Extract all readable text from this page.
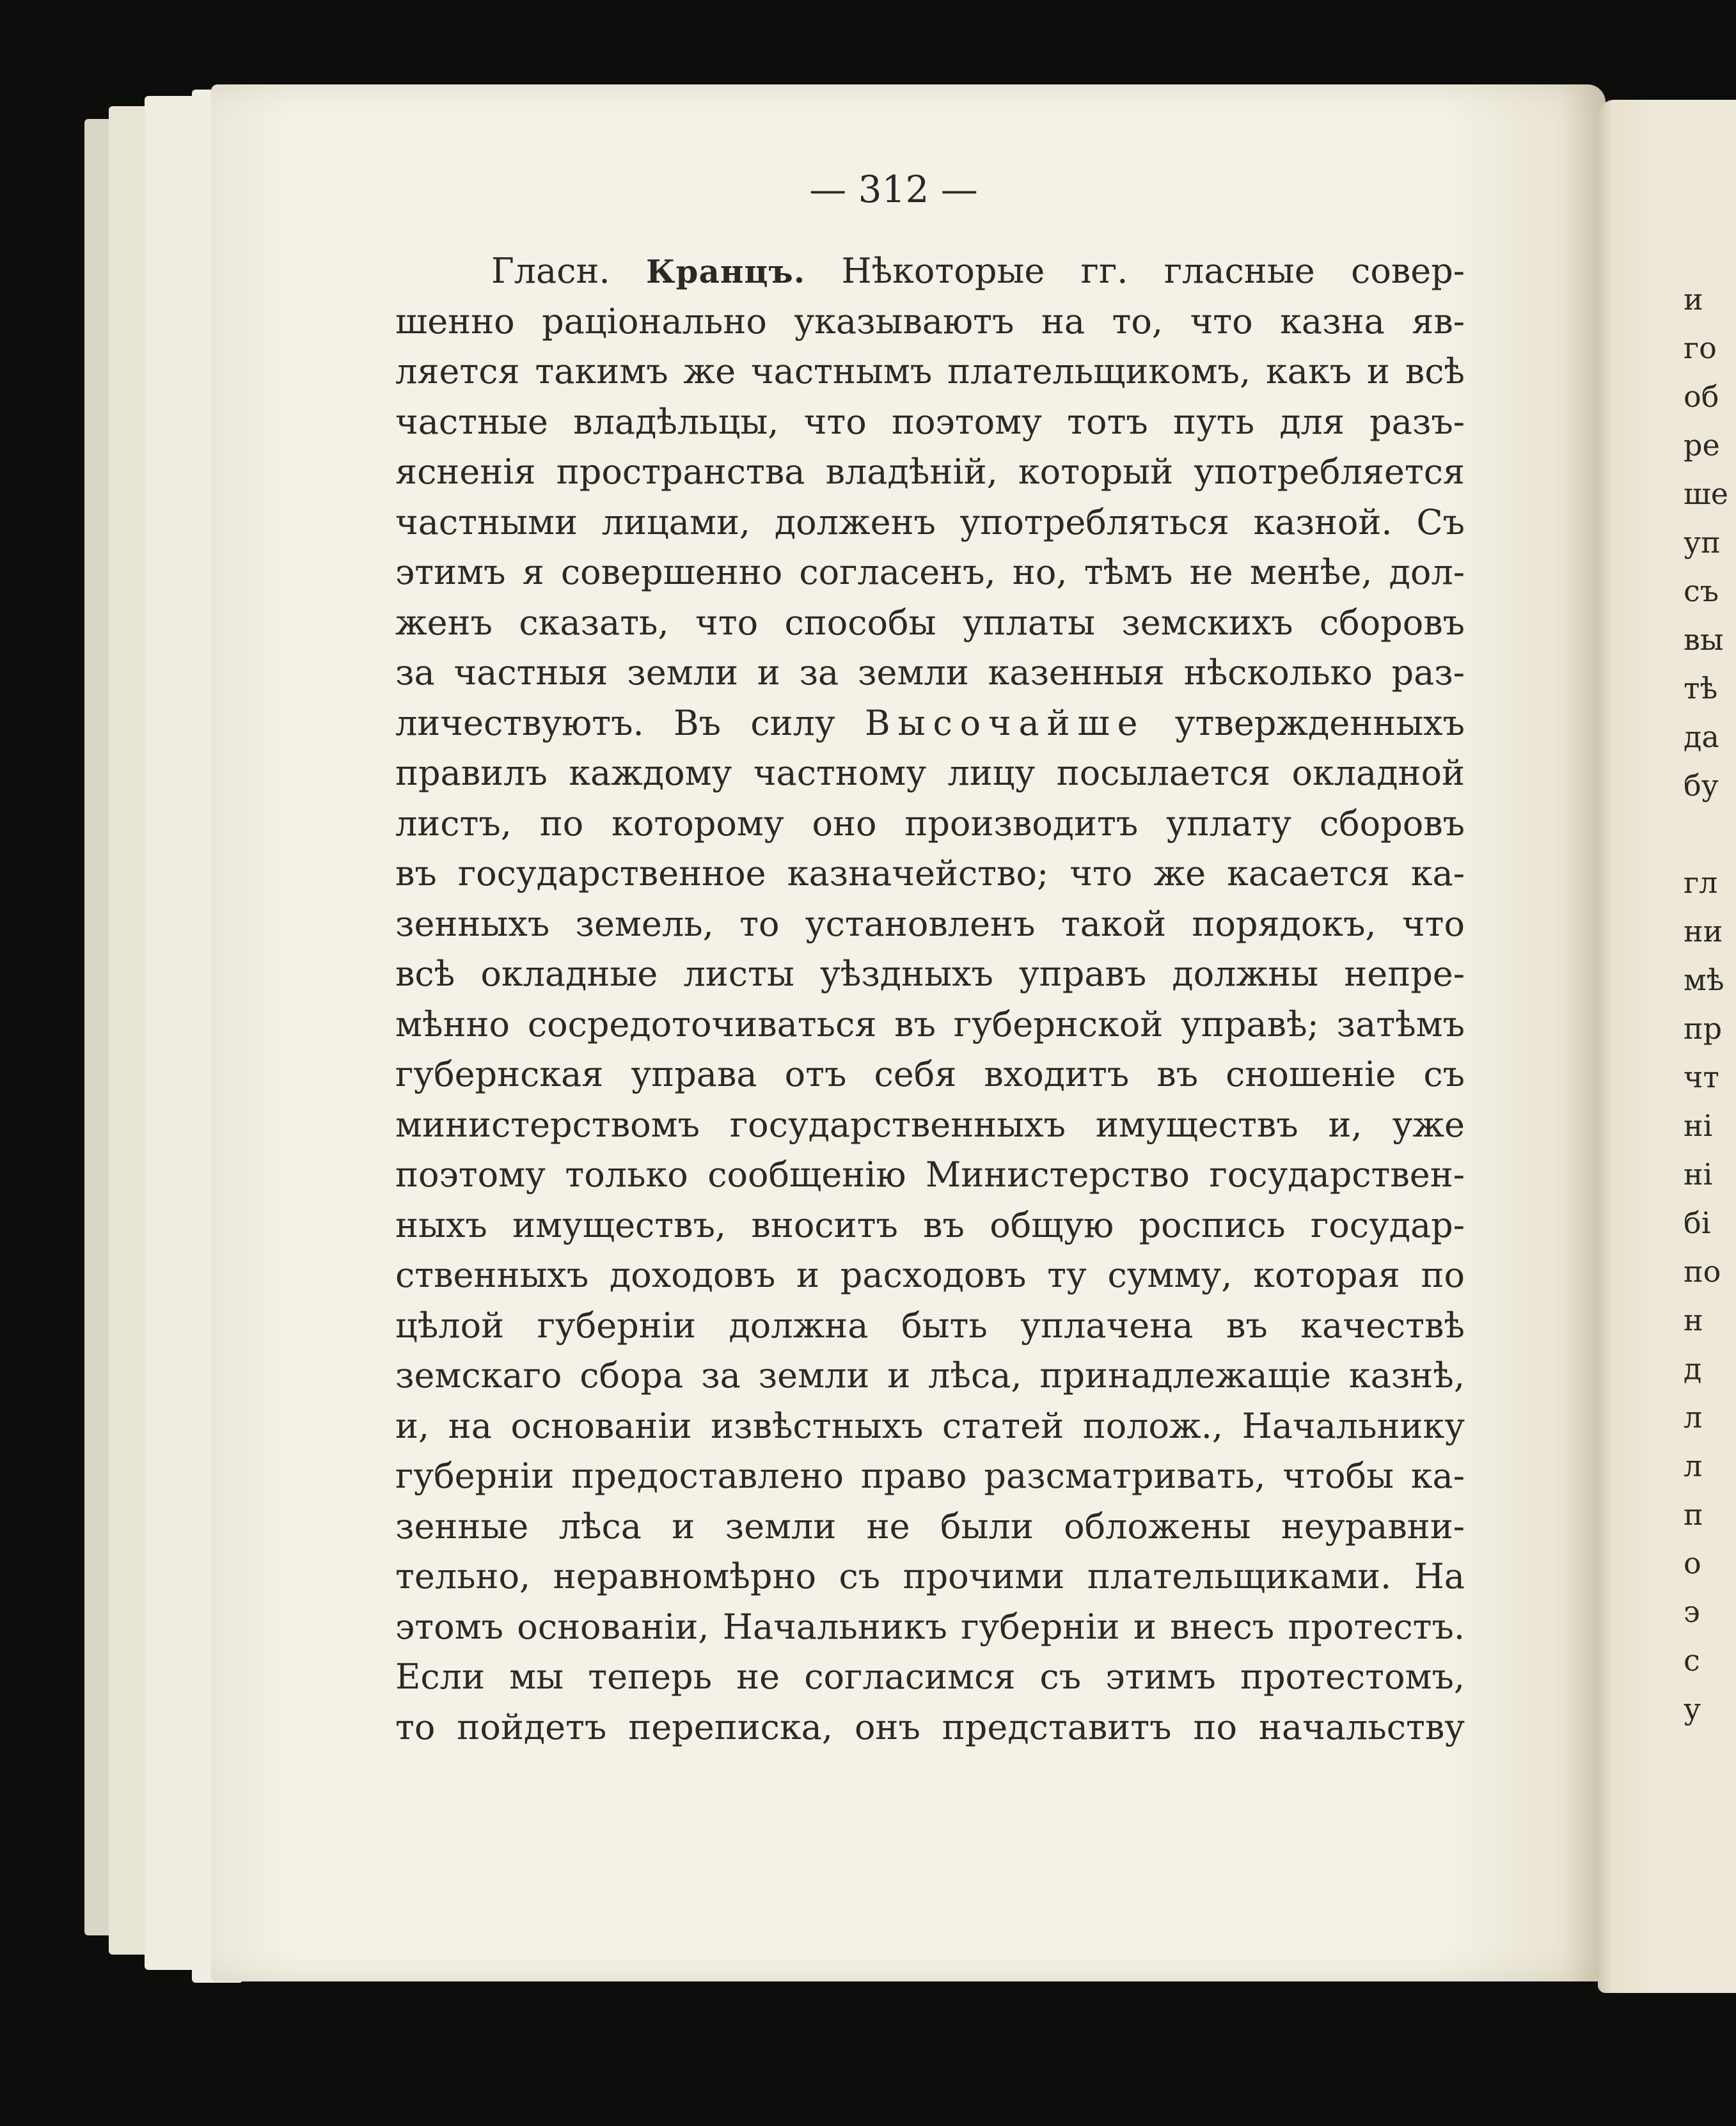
— 312 —
Гласн. Кранцъ. Нѣкоторые гг. гласные совер-
шенно раціонально указываютъ на то, что казна яв-
ляется такимъ же частнымъ плательщикомъ, какъ и всѣ
частные владѣльцы, что поэтому тотъ путь для разъ-
ясненія пространства владѣній, который употребляется
частными лицами, долженъ употребляться казной. Съ
этимъ я совершенно согласенъ, но, тѣмъ не менѣе, дол-
женъ сказать, что способы уплаты земскихъ сборовъ
за частныя земли и за земли казенныя нѣсколько раз-
личествуютъ. Въ силу Высочайше утвержденныхъ
правилъ каждому частному лицу посылается окладной
листъ, по которому оно производитъ уплату сборовъ
въ государственное казначейство; что же касается ка-
зенныхъ земель, то установленъ такой порядокъ, что
всѣ окладные листы уѣздныхъ управъ должны непре-
мѣнно сосредоточиваться въ губернской управѣ; затѣмъ
губернская управа отъ себя входитъ въ сношеніе съ
министерствомъ государственныхъ имуществъ и, уже
поэтому только сообщенію Министерство государствен-
ныхъ имуществъ, вноситъ въ общую роспись государ-
ственныхъ доходовъ и расходовъ ту сумму, которая по
цѣлой губерніи должна быть уплачена въ качествѣ
земскаго сбора за земли и лѣса, принадлежащіе казнѣ,
и, на основаніи извѣстныхъ статей полож., Начальнику
губерніи предоставлено право разсматривать, чтобы ка-
зенные лѣса и земли не были обложены неуравни-
тельно, неравномѣрно съ прочими плательщиками. На
этомъ основаніи, Начальникъ губерніи и внесъ протестъ.
Если мы теперь не согласимся съ этимъ протестомъ,
то пойдетъ переписка, онъ представитъ по начальству
и
го
об
ре
ше
уп
съ
вы
тѣ
да
бу
гл
ни
мѣ
пр
чт
ні
ні
бі
по
н
д
л
л
п
о
э
с
у
